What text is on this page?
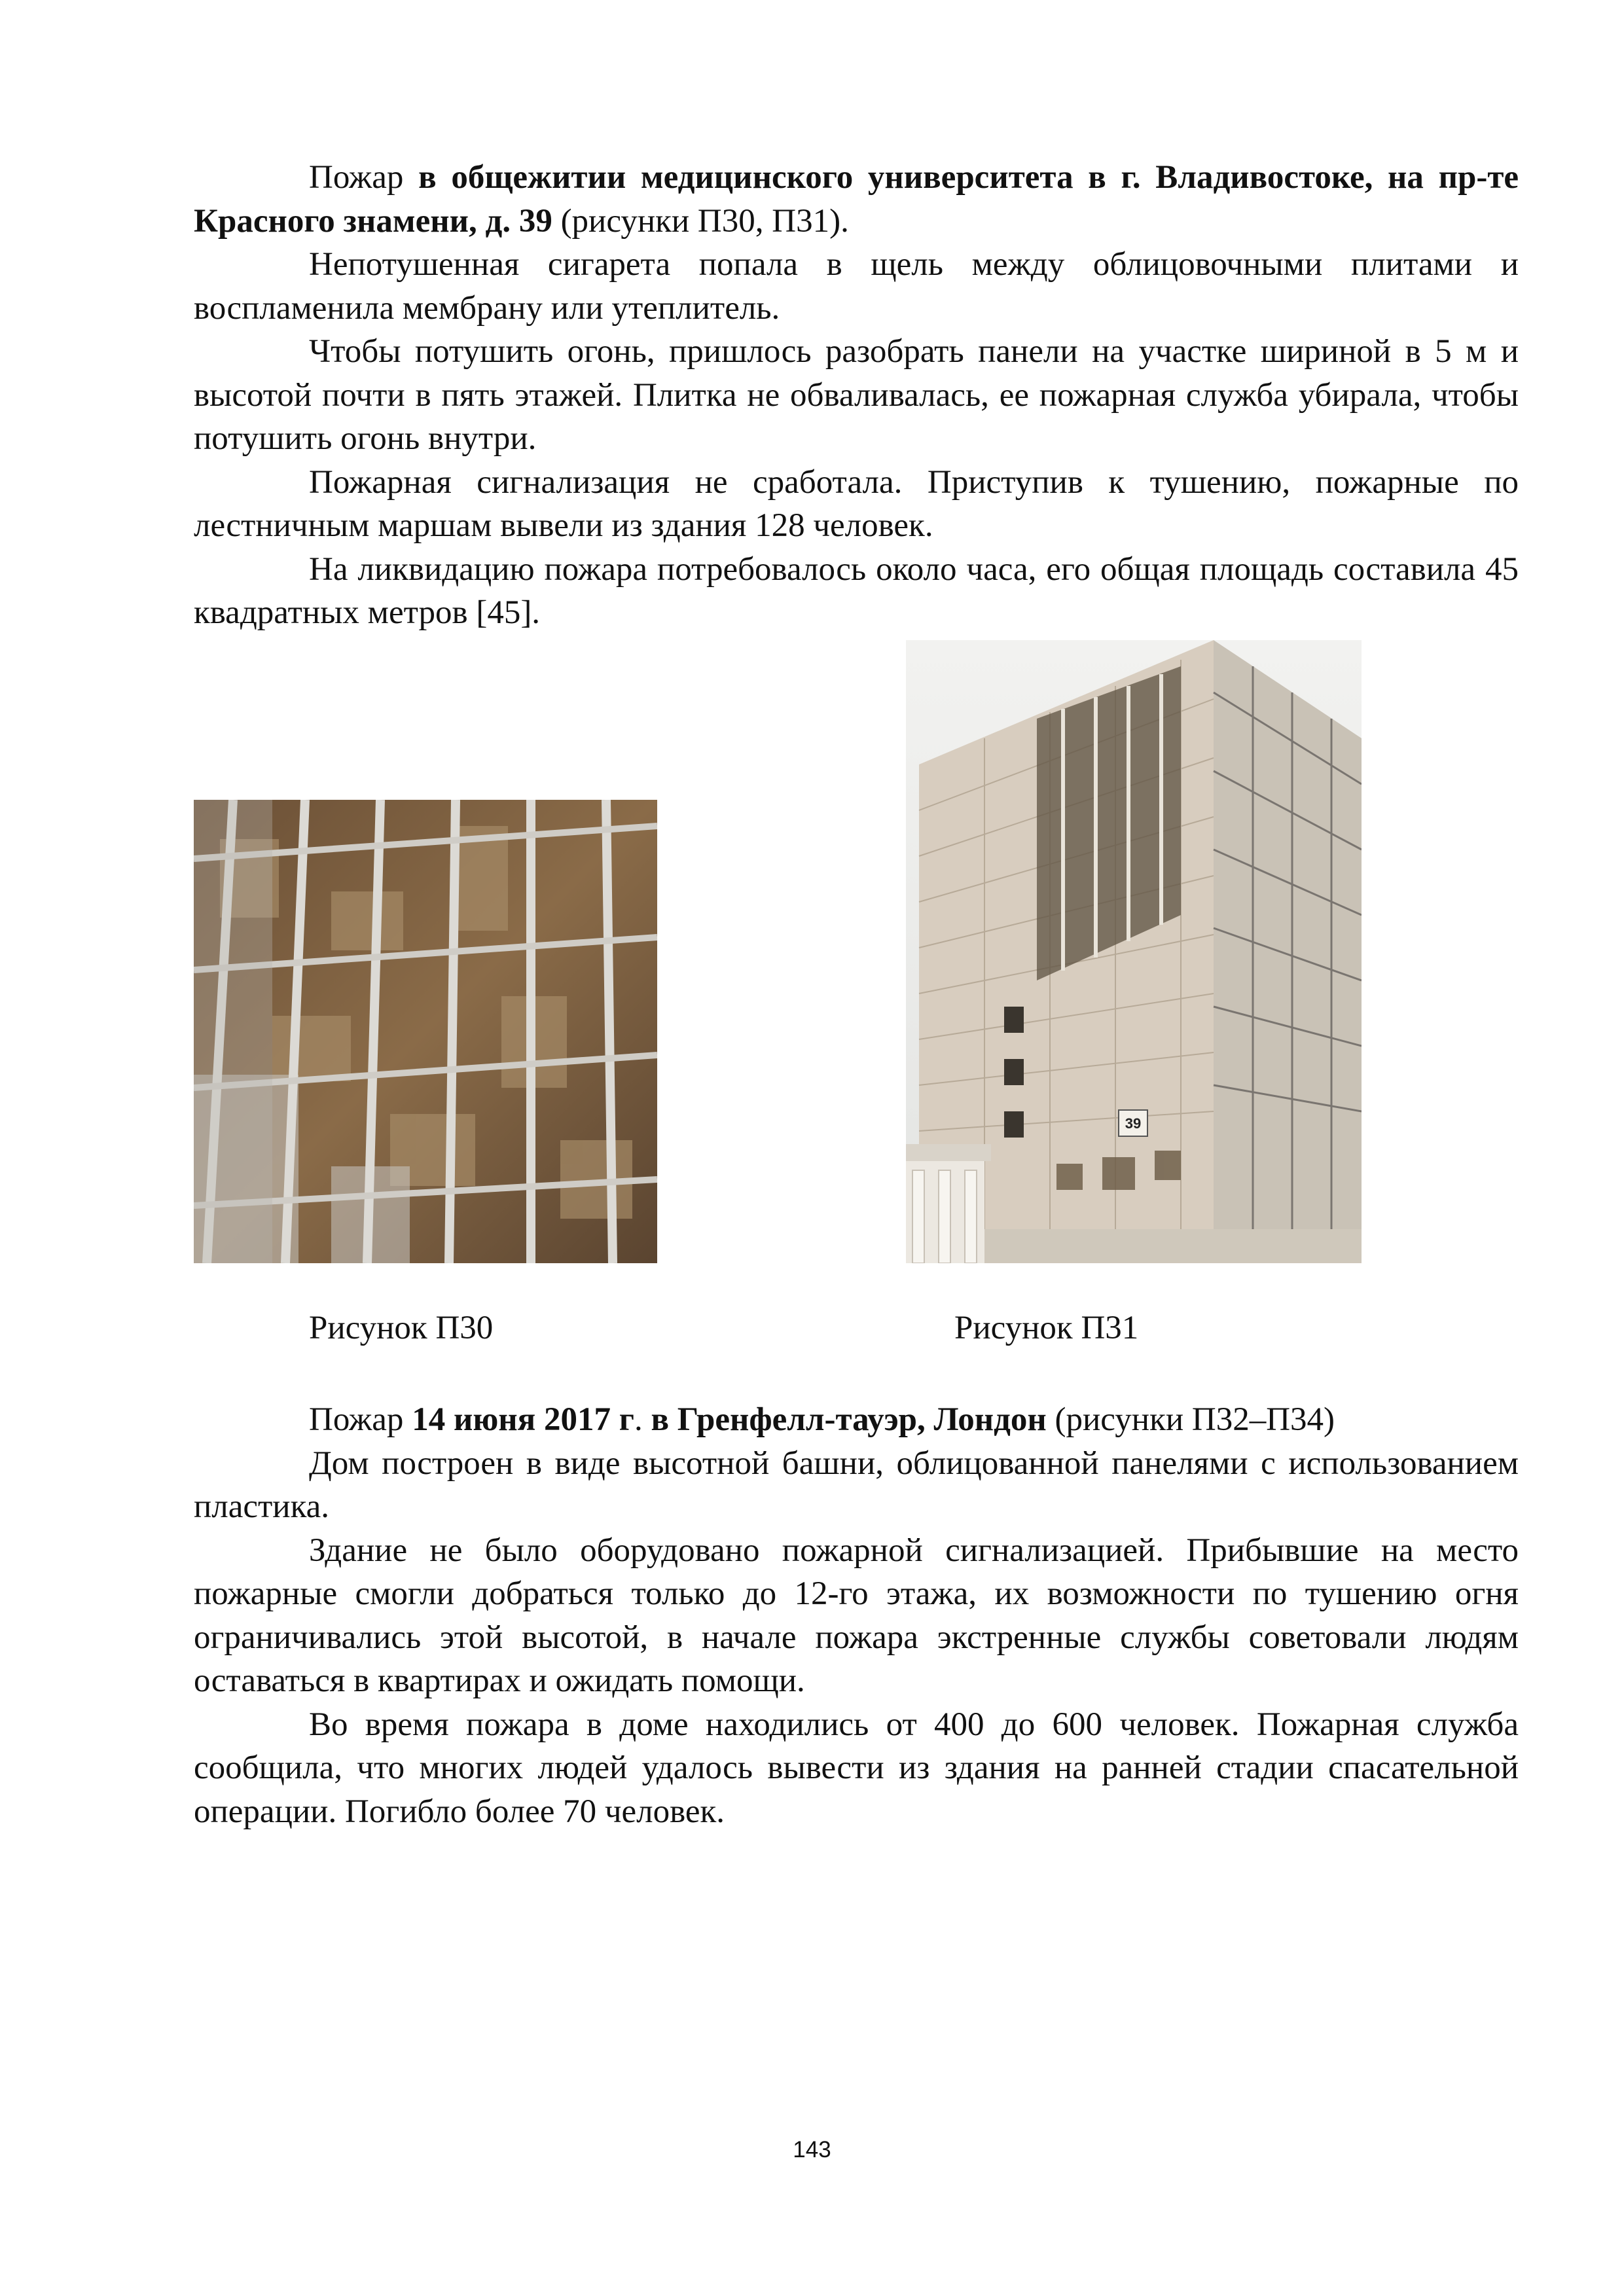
Пожар в общежитии медицинского университета в г. Владивостоке, на пр-те Красного знамени, д. 39 (рисунки П30, П31).

Непотушенная сигарета попала в щель между облицовочными плитами и воспламенила мембрану или утеплитель.

Чтобы потушить огонь, пришлось разобрать панели на участке шириной в 5 м и высотой почти в пять этажей. Плитка не обваливалась, ее пожарная служба убирала, чтобы потушить огонь внутри.

Пожарная сигнализация не сработала. Приступив к тушению, пожарные по лестничным маршам вывели из здания 128 человек.

На ликвидацию пожара потребовалось около часа, его общая площадь составила 45 квадратных метров [45].

39
Рисунок П30	Рисунок П31

Пожар 14 июня 2017 г. в Гренфелл-тауэр, Лондон (рисунки П32–П34)

Дом построен в виде высотной башни, облицованной панелями с использованием пластика.

Здание не было оборудовано пожарной сигнализацией. Прибывшие на место пожарные смогли добраться только до 12-го этажа, их возможности по тушению огня ограничивались этой высотой, в начале пожара экстренные службы советовали людям оставаться в квартирах и ожидать помощи.

Во время пожара в доме находились от 400 до 600 человек. Пожарная служба сообщила, что многих людей удалось вывести из здания на ранней стадии спасательной операции. Погибло более 70 человек.

143
